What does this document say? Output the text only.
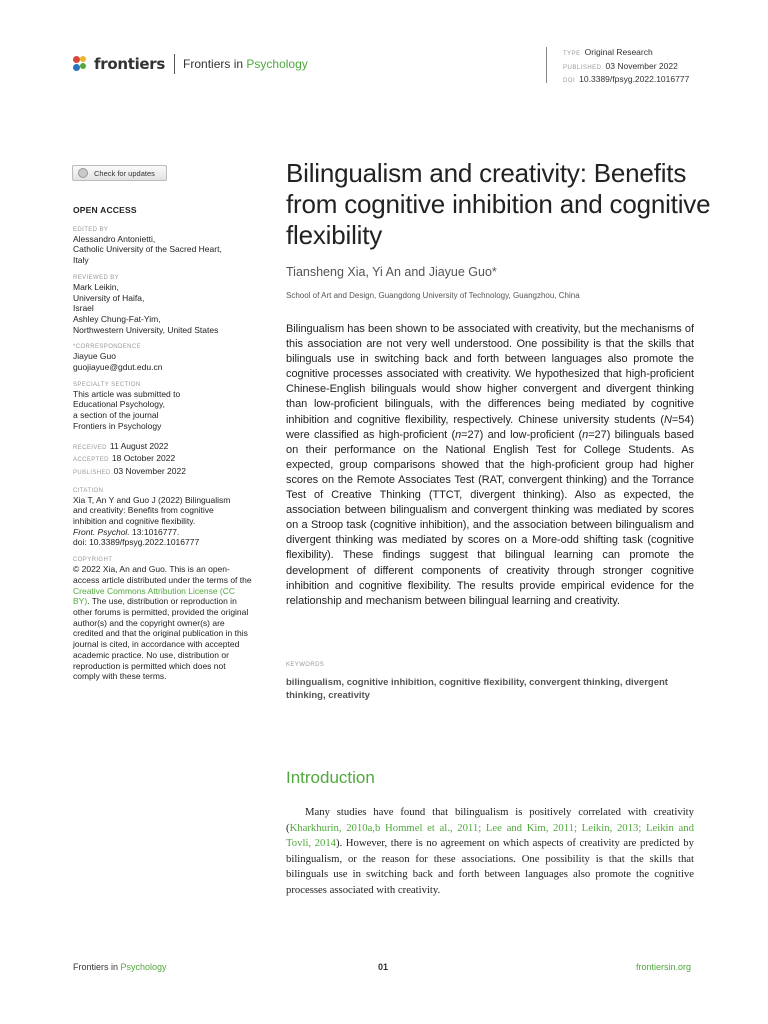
frontiers Frontiers in Psychology
TYPE Original Research
PUBLISHED 03 November 2022
DOI 10.3389/fpsyg.2022.1016777
Check for updates
OPEN ACCESS
EDITED BY
Alessandro Antonietti,
Catholic University of the Sacred Heart,
Italy
REVIEWED BY
Mark Leikin,
University of Haifa,
Israel
Ashley Chung-Fat-Yim,
Northwestern University, United States
*CORRESPONDENCE
Jiayue Guo
guojiayue@gdut.edu.cn
SPECIALTY SECTION
This article was submitted to
Educational Psychology,
a section of the journal
Frontiers in Psychology
RECEIVED 11 August 2022
ACCEPTED 18 October 2022
PUBLISHED 03 November 2022
CITATION
Xia T, An Y and Guo J (2022) Bilingualism
and creativity: Benefits from cognitive
inhibition and cognitive flexibility.
Front. Psychol. 13:1016777.
doi: 10.3389/fpsyg.2022.1016777
COPYRIGHT
© 2022 Xia, An and Guo. This is an open-access article distributed under the terms of the Creative Commons Attribution License (CC BY). The use, distribution or reproduction in other forums is permitted, provided the original author(s) and the copyright owner(s) are credited and that the original publication in this journal is cited, in accordance with accepted academic practice. No use, distribution or reproduction is permitted which does not comply with these terms.
Bilingualism and creativity: Benefits from cognitive inhibition and cognitive flexibility
Tiansheng Xia, Yi An and Jiayue Guo*
School of Art and Design, Guangdong University of Technology, Guangzhou, China

Bilingualism has been shown to be associated with creativity, but the mechanisms of this association are not very well understood. One possibility is that the skills that bilinguals use in switching back and forth between languages also promote the cognitive processes associated with creativity. We hypothesized that high-proficient Chinese-English bilinguals would show higher convergent and divergent thinking than low-proficient bilinguals, with the differences being mediated by cognitive inhibition and cognitive flexibility, respectively. Chinese university students (N=54) were classified as high-proficient (n=27) and low-proficient (n=27) bilinguals based on their performance on the National English Test for College Students. As expected, group comparisons showed that the high-proficient group had higher scores on the Remote Associates Test (RAT, convergent thinking) and the Torrance Test of Creative Thinking (TTCT, divergent thinking). Also as expected, the association between bilingualism and convergent thinking was mediated by scores on a Stroop task (cognitive inhibition), and the association between bilingualism and divergent thinking was mediated by scores on a More-odd shifting task (cognitive flexibility). These findings suggest that bilingual learning can promote the development of different components of creativity through stronger cognitive inhibition and cognitive flexibility. The results provide empirical evidence for the relationship and mechanism between bilingual learning and creativity.

KEYWORDS
bilingualism, cognitive inhibition, cognitive flexibility, convergent thinking, divergent thinking, creativity
Introduction

Many studies have found that bilingualism is positively correlated with creativity (Kharkhurin, 2010a,b Hommel et al., 2011; Lee and Kim, 2011; Leikin, 2013; Leikin and Tovli, 2014). However, there is no agreement on which aspects of creativity are predicted by bilingualism, or the reason for these associations. One possibility is that the skills that bilinguals use in switching back and forth between languages also promote the cognitive processes associated with creativity.

Frontiers in Psychology	01	frontiersin.org
